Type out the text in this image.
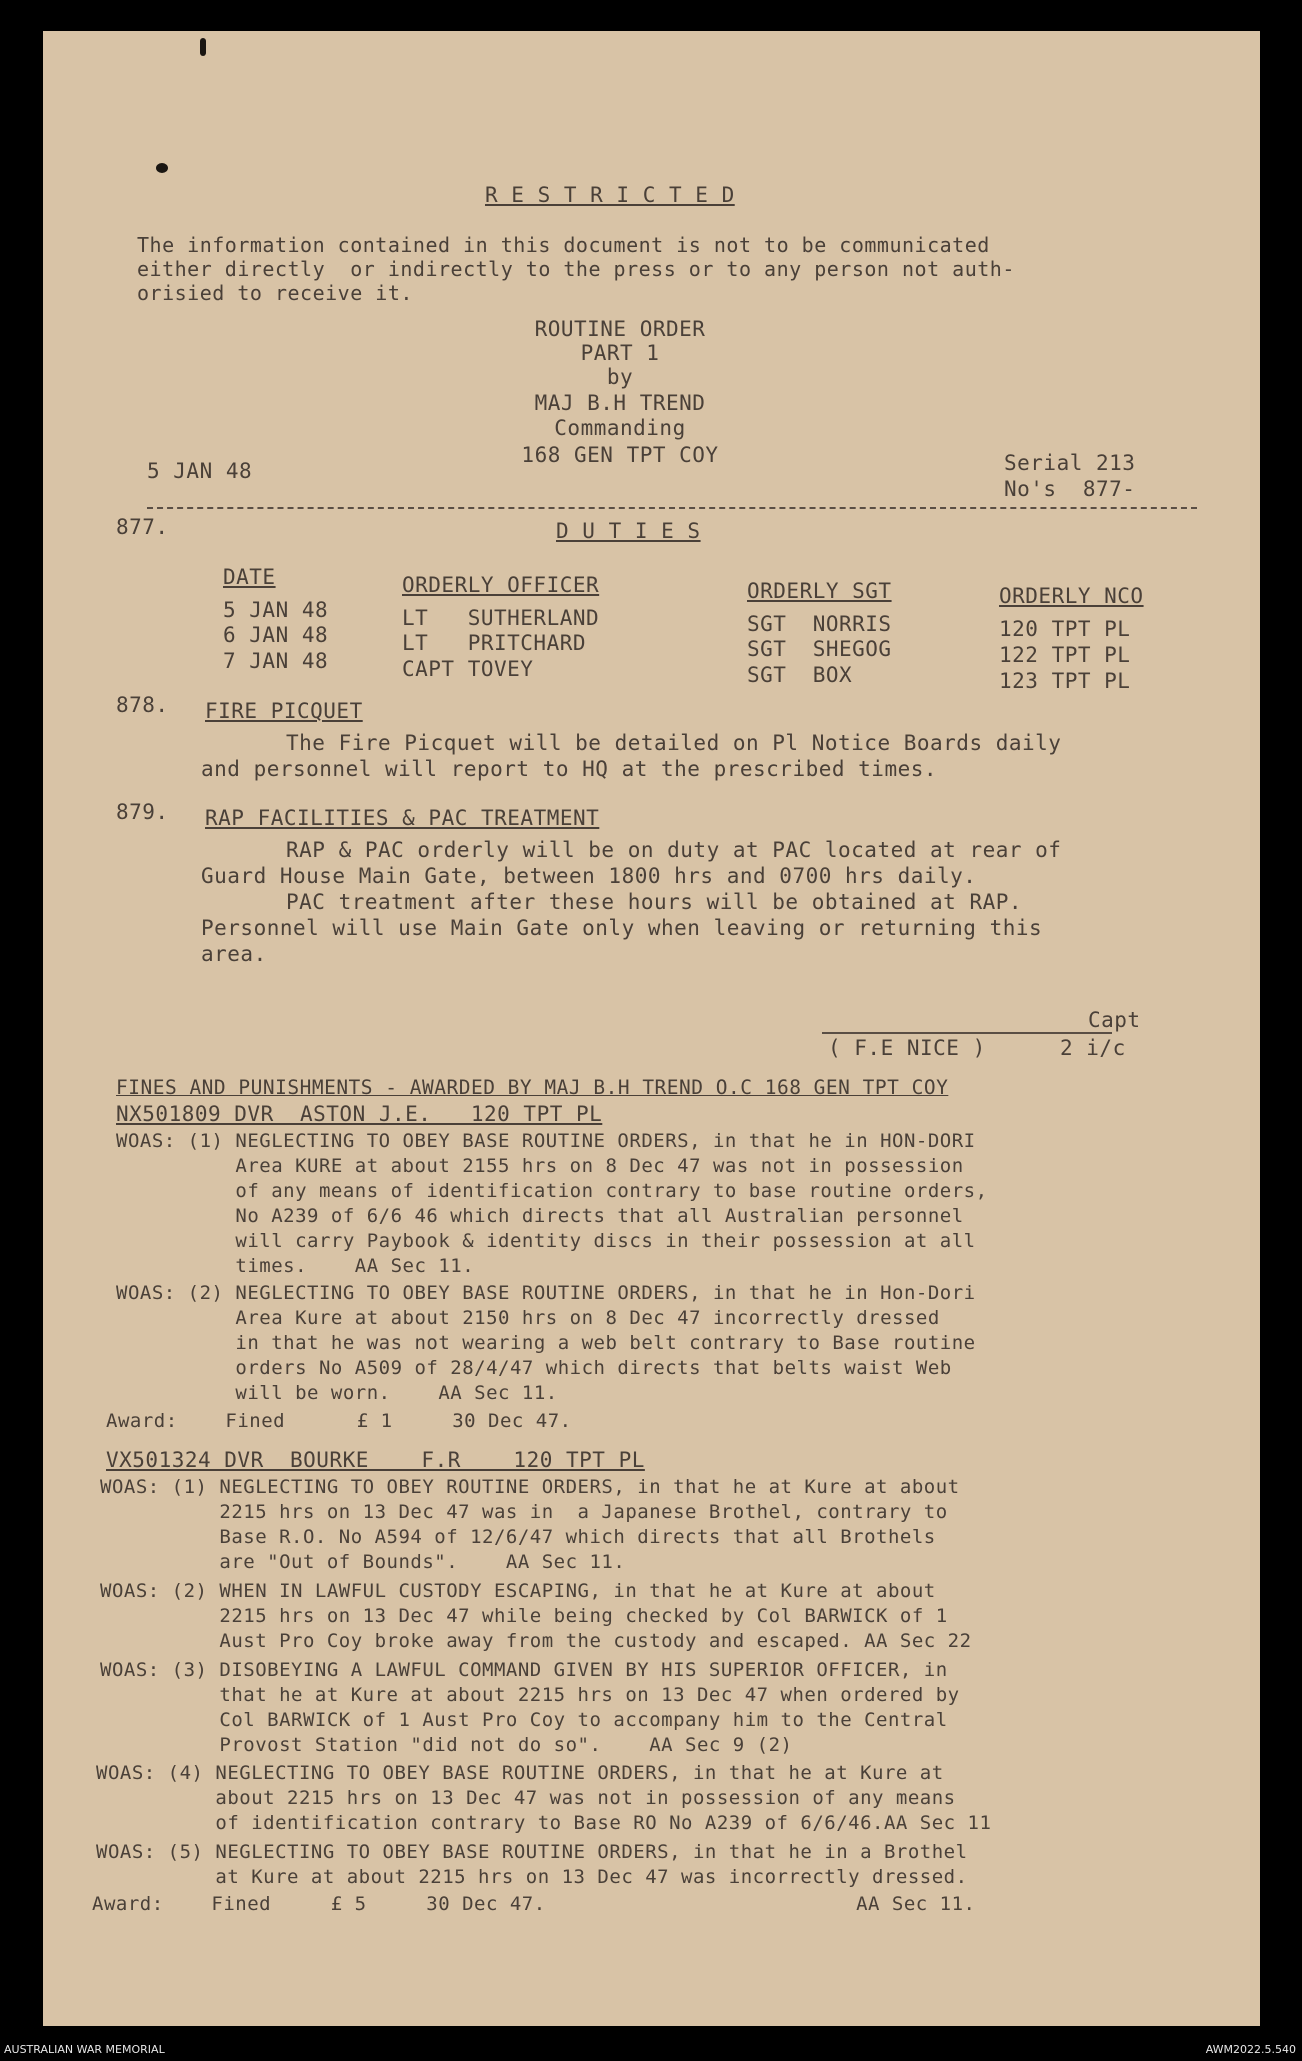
R E S T R I C T E D
The information contained in this document is not to be communicated
either directly  or indirectly to the press or to any person not auth-
orisied to receive it.
ROUTINE ORDER
PART 1
by
MAJ B.H TREND
Commanding
168 GEN TPT COY
5 JAN 48	Serial 213
No's  877-
877.	D U T I E S
DATE	ORDERLY OFFICER	ORDERLY SGT	ORDERLY NCO
5 JAN 48	LT   SUTHERLAND	SGT  NORRIS	120 TPT PL
6 JAN 48	LT   PRITCHARD	SGT  SHEGOG	122 TPT PL
7 JAN 48	CAPT TOVEY	SGT  BOX	123 TPT PL
878. FIRE PICQUET
The Fire Picquet will be detailed on Pl Notice Boards daily
and personnel will report to HQ at the prescribed times.
879. RAP FACILITIES & PAC TREATMENT
RAP & PAC orderly will be on duty at PAC located at rear of
Guard House Main Gate, between 1800 hrs and 0700 hrs daily.
PAC treatment after these hours will be obtained at RAP.
Personnel will use Main Gate only when leaving or returning this
area.
Capt
( F.E NICE )	2 i/c
FINES AND PUNISHMENTS - AWARDED BY MAJ B.H TREND O.C 168 GEN TPT COY
NX501809 DVR  ASTON J.E.   120 TPT PL
WOAS: (1) NEGLECTING TO OBEY BASE ROUTINE ORDERS, in that he in HON-DORI
Area KURE at about 2155 hrs on 8 Dec 47 was not in possession
of any means of identification contrary to base routine orders,
No A239 of 6/6 46 which directs that all Australian personnel
will carry Paybook & identity discs in their possession at all
times.    AA Sec 11.
WOAS: (2) NEGLECTING TO OBEY BASE ROUTINE ORDERS, in that he in Hon-Dori
Area Kure at about 2150 hrs on 8 Dec 47 incorrectly dressed
in that he was not wearing a web belt contrary to Base routine
orders No A509 of 28/4/47 which directs that belts waist Web
will be worn.    AA Sec 11.
Award:    Fined      £ 1     30 Dec 47.
VX501324 DVR  BOURKE    F.R    120 TPT PL
WOAS: (1) NEGLECTING TO OBEY ROUTINE ORDERS, in that he at Kure at about
2215 hrs on 13 Dec 47 was in  a Japanese Brothel, contrary to
Base R.O. No A594 of 12/6/47 which directs that all Brothels
are "Out of Bounds".    AA Sec 11.
WOAS: (2) WHEN IN LAWFUL CUSTODY ESCAPING, in that he at Kure at about
2215 hrs on 13 Dec 47 while being checked by Col BARWICK of 1
Aust Pro Coy broke away from the custody and escaped. AA Sec 22
WOAS: (3) DISOBEYING A LAWFUL COMMAND GIVEN BY HIS SUPERIOR OFFICER, in
that he at Kure at about 2215 hrs on 13 Dec 47 when ordered by
Col BARWICK of 1 Aust Pro Coy to accompany him to the Central
Provost Station "did not do so".    AA Sec 9 (2)
WOAS: (4) NEGLECTING TO OBEY BASE ROUTINE ORDERS, in that he at Kure at
about 2215 hrs on 13 Dec 47 was not in possession of any means
of identification contrary to Base RO No A239 of 6/6/46.AA Sec 11
WOAS: (5) NEGLECTING TO OBEY BASE ROUTINE ORDERS, in that he in a Brothel
at Kure at about 2215 hrs on 13 Dec 47 was incorrectly dressed.
Award:    Fined     £ 5     30 Dec 47.                          AA Sec 11.
AUSTRALIAN WAR MEMORIAL	AWM2022.5.540
